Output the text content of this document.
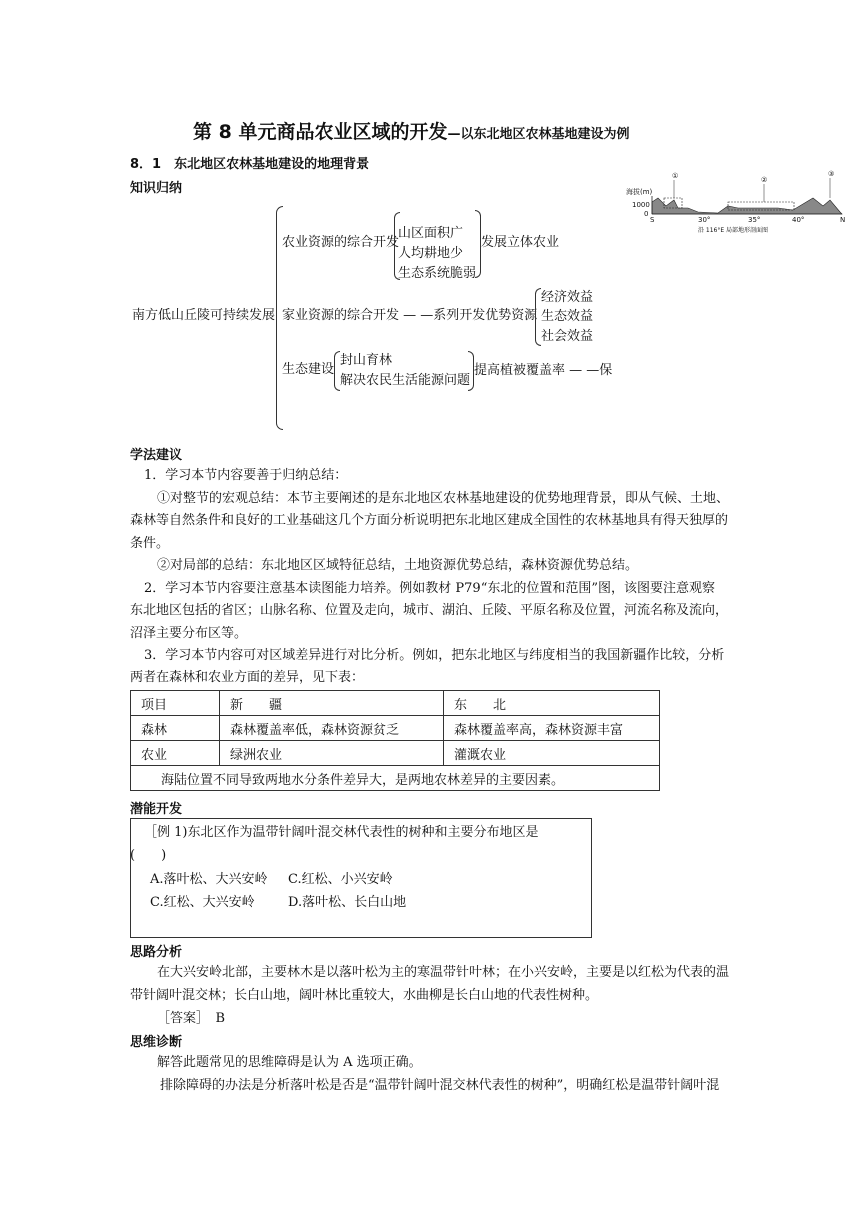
第 8 单元商品农业区域的开发—以东北地区农林基地建设为例
8．1　东北地区农林基地建设的地理背景
知识归纳
①	②
③
海拔(m)
1000
0
S	30°	35°	40°	N
沿 116°E 局部地形剖面图
南方低山丘陵可持续发展
农业资源的综合开发
山区面积广
人均耕地少
生态系统脆弱
发展立体农业
家业资源的综合开发 — —系列开发优势资源
经济效益
生态效益
社会效益
生态建设
封山育林
解决农民生活能源问题
提高植被覆盖率 — —保
学法建议
1．学习本节内容要善于归纳总结：
①对整节的宏观总结：本节主要阐述的是东北地区农林基地建设的优势地理背景，即从气候、土地、
森林等自然条件和良好的工业基础这几个方面分析说明把东北地区建成全国性的农林基地具有得天独厚的
条件。
②对局部的总结：东北地区区域特征总结，土地资源优势总结，森林资源优势总结。
2．学习本节内容要注意基本读图能力培养。例如教材 P79“东北的位置和范围”图，该图要注意观察
东北地区包括的省区；山脉名称、位置及走向，城市、湖泊、丘陵、平原名称及位置，河流名称及流向，
沼泽主要分布区等。
3．学习本节内容可对区域差异进行对比分析。例如，把东北地区与纬度相当的我国新疆作比较，分析
两者在森林和农业方面的差异，见下表：
项目	新　　疆	东　　北
森林	森林覆盖率低，森林资源贫乏	森林覆盖率高，森林资源丰富
农业	绿洲农业	灌溉农业
海陆位置不同导致两地水分条件差异大，是两地农林差异的主要因素。		
潜能开发
［例 1)东北区作为温带针阔叶混交林代表性的树种和主要分布地区是
(　　)
A.落叶松、大兴安岭 C.红松、小兴安岭
C.红松、大兴安岭	D.落叶松、长白山地
思路分析
在大兴安岭北部，主要林木是以落叶松为主的寒温带针叶林；在小兴安岭，主要是以红松为代表的温
带针阔叶混交林；长白山地，阔叶林比重较大，水曲柳是长白山地的代表性树种。
［答案］　B
思维诊断
解答此题常见的思维障碍是认为 A 选项正确。
排除障碍的办法是分析落叶松是否是“温带针阔叶混交林代表性的树种”，明确红松是温带针阔叶混
